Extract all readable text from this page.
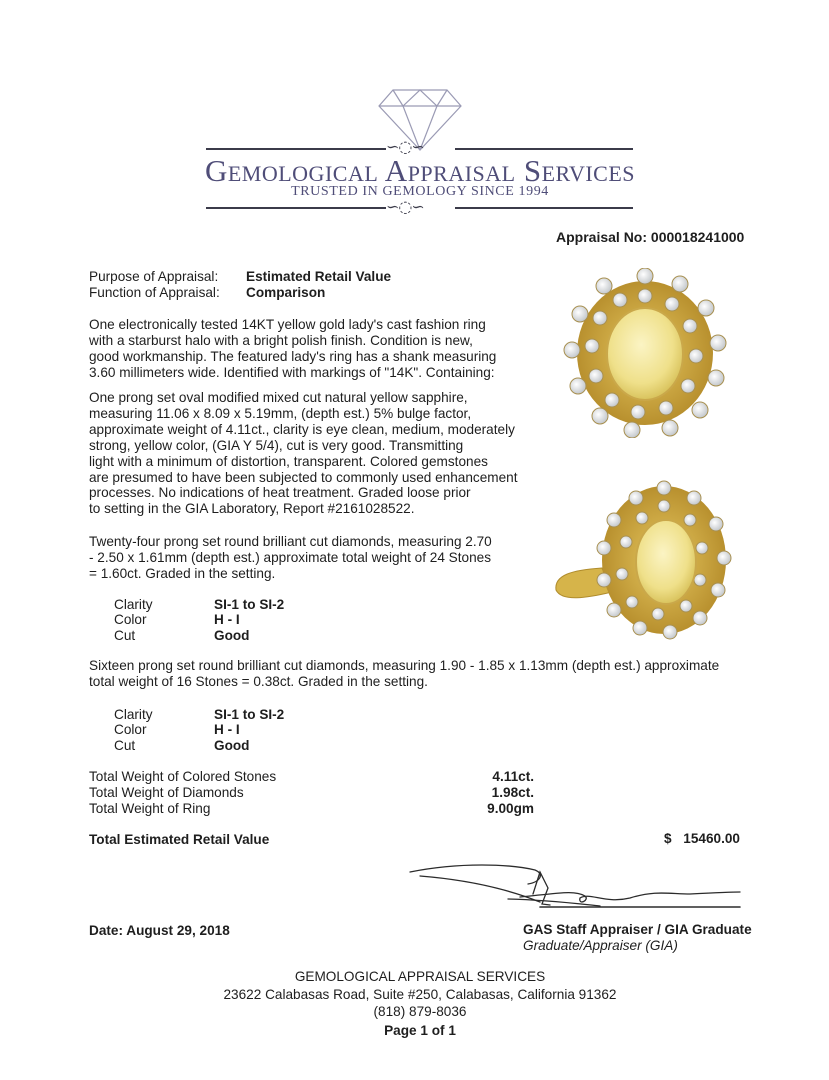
∽◌∽
Gemological Appraisal Services
TRUSTED IN GEMOLOGY SINCE 1994
∽◌∽
Appraisal No: 000018241000
Purpose of Appraisal: Estimated Retail Value
Function of Appraisal: Comparison
One electronically tested 14KT yellow gold lady's cast fashion ring
with a starburst halo with a bright polish finish. Condition is new,
good workmanship. The featured lady's ring has a shank measuring
3.60 millimeters wide. Identified with markings of "14K". Containing:
One prong set oval modified mixed cut natural yellow sapphire,
measuring 11.06 x 8.09 x 5.19mm, (depth est.) 5% bulge factor,
approximate weight of 4.11ct., clarity is eye clean, medium, moderately
strong, yellow color, (GIA Y 5/4), cut is very good. Transmitting
light with a minimum of distortion, transparent. Colored gemstones
are presumed to have been subjected to commonly used enhancement
processes. No indications of heat treatment. Graded loose prior
to setting in the GIA Laboratory, Report #2161028522.
Twenty-four prong set round brilliant cut diamonds, measuring 2.70
- 2.50 x 1.61mm (depth est.) approximate total weight of 24 Stones
= 1.60ct. Graded in the setting.
Clarity	SI-1 to SI-2
Color	H - I
Cut	Good
Sixteen prong set round brilliant cut diamonds, measuring 1.90 - 1.85 x 1.13mm (depth est.) approximate
total weight of 16 Stones = 0.38ct. Graded in the setting.
Clarity	SI-1 to SI-2
Color	H - I
Cut	Good
Total Weight of Colored Stones	4.11ct.
Total Weight of Diamonds	1.98ct.
Total Weight of Ring	9.00gm
Total Estimated Retail Value	$ 15460.00
Date: August 29, 2018	GAS Staff Appraiser / GIA Graduate
Graduate/Appraiser (GIA)
GEMOLOGICAL APPRAISAL SERVICES
23622 Calabasas Road, Suite #250, Calabasas, California 91362
(818) 879-8036
Page 1 of 1
